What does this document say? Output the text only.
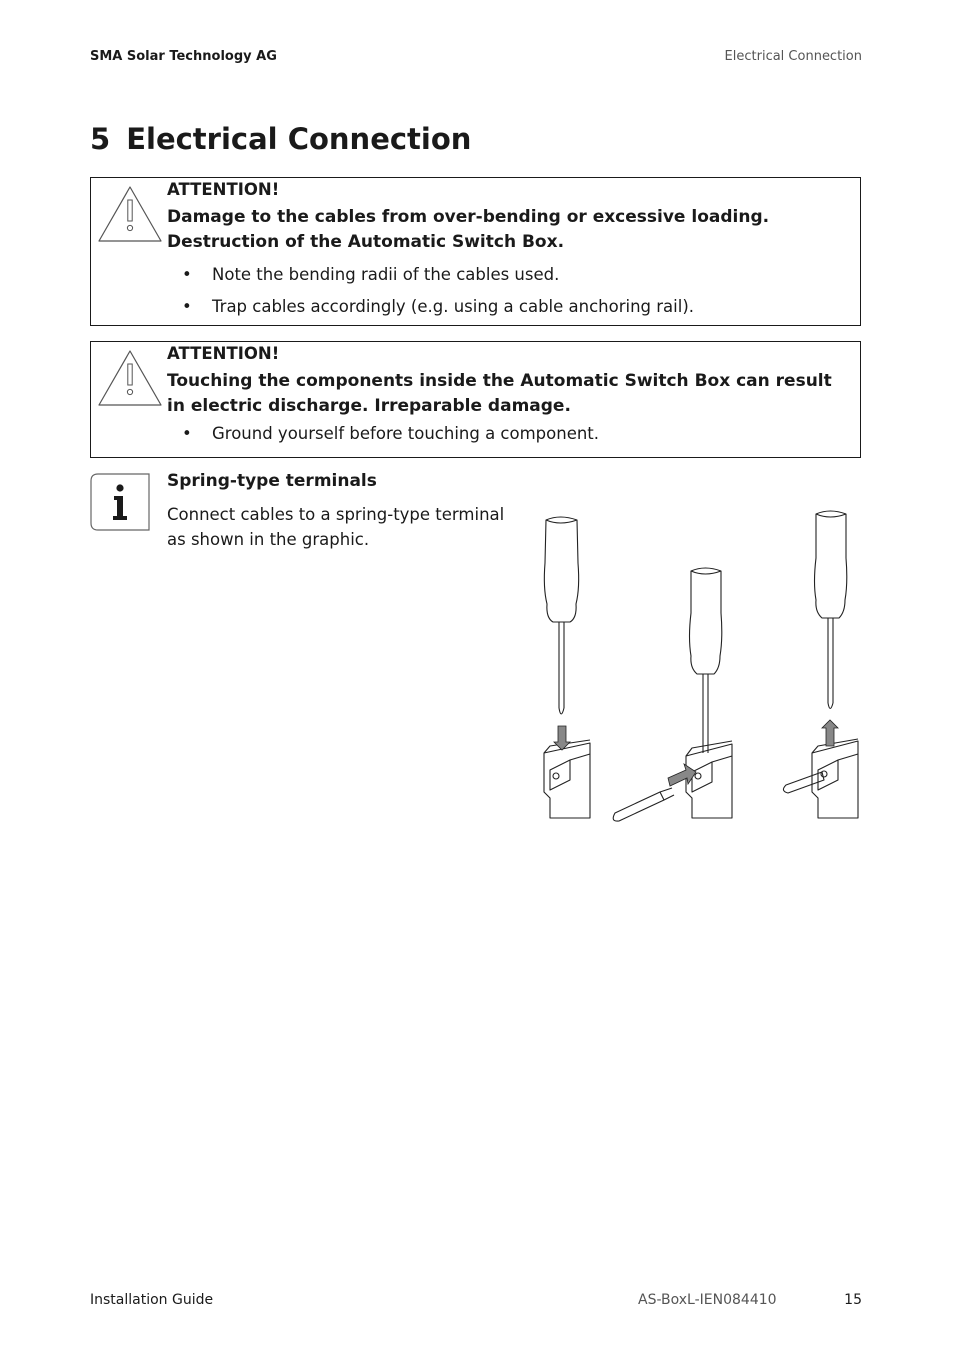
SMA Solar Technology AG	Electrical Connection
5 Electrical Connection
ATTENTION!
Damage to the cables from over-bending or excessive loading. Destruction of the Automatic Switch Box.
• Note the bending radii of the cables used.
• Trap cables accordingly (e.g. using a cable anchoring rail).
ATTENTION!
Touching the components inside the Automatic Switch Box can result in electric discharge. Irreparable damage.
• Ground yourself before touching a component.
Spring-type terminals
Connect cables to a spring-type terminal as shown in the graphic.
Installation Guide	AS-BoxL-IEN084410	15
